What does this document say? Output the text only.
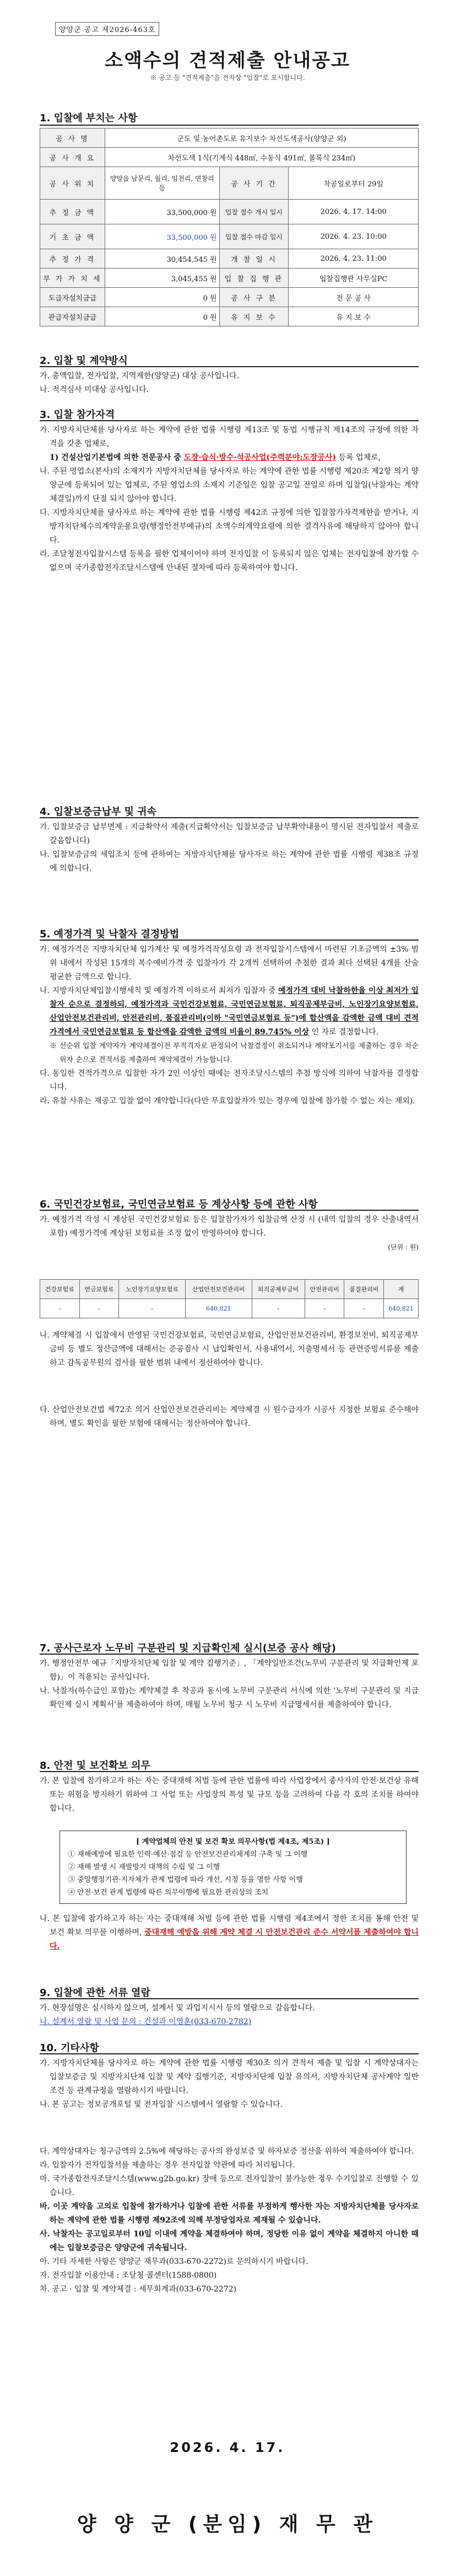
양양군 공고 제2026-463호
소액수의 견적제출 안내공고
※ 공고 등 "견적제출"을 전자상 "입찰"로 표시합니다.
1. 입찰에 부치는 사항
공 사 명	군도 및 농어촌도로 유지보수 차선도색공사(양양군 외)		
공 사 개 요	차선도색 1식(기계식 448㎡, 수동식 491㎡, 볼록식 234㎡)		
공 사 위 치	양양읍 남문리, 월리, 임천리, 연창리 등	공 사 기 간	착공일로부터 29일
추 정 금 액	33,500,000 원	입찰 접수 개시 일시	2026. 4. 17. 14:00
기 초 금 액	33,500,000 원	입찰 접수 마감 일시	2026. 4. 23. 10:00
추 정 가 격	30,454,545 원	개 찰 일 시	2026. 4. 23. 11:00
부 가 가 치 세	3,045,455 원	입 찰 집 행 관	입찰집행관 사무실PC
도급자설치금급	0 원	공 사 구 분	전 문 공 사
관급자설치금급	0 원	유 지 보 수	유 지 보 수
2. 입찰 및 계약방식

가. 총액입찰, 전자입찰, 지역제한(양양군) 대상 공사입니다.

나. 적격심사 미대상 공사입니다.

3. 입찰 참가자격

가. 지방자치단체를 당사자로 하는 계약에 관한 법률 시행령 제13조 및 동법 시행규칙 제14조의 규정에 의한 자격을 갖춘 업체로,

1) 건설산업기본법에 의한 전문공사 중 도장·습식·방수·석공사업(주력분야:도장공사) 등록 업체로,

나. 주된 영업소(본사)의 소재지가 지방자치단체를 당사자로 하는 계약에 관한 법률 시행령 제20조 제2항 의거 양양군에 등록되어 있는 업체로, 주된 영업소의 소재지 기준일은 입찰 공고일 전일로 하며 입찰일(낙찰자는 계약체결일)까지 단절 되지 않아야 합니다.

다. 지방자치단체를 당사자로 하는 계약에 관한 법률 시행령 제42조 규정에 의한 입찰참가자격제한을 받거나, 지방자치단체수의계약운용요령(행정안전부예규)의 소액수의계약요령에 의한 결격사유에 해당하지 않아야 합니다.

라. 조달청전자입찰시스템 등록을 필한 업체이어야 하며 전자입찰 이 등록되지 않은 업체는 전자입찰에 참가할 수 없으며 국가종합전자조달시스템에 안내된 절차에 따라 등록하여야 합니다.

4. 입찰보증금납부 및 귀속

가. 입찰보증금 납부면제 : 지급확약서 제출(지급확약서는 입찰보증금 납부확약내용이 명시된 전자입찰서 제출로 갈음합니다)

나. 입찰보증금의 세입조치 등에 관하여는 지방자치단체를 당사자로 하는 계약에 관한 법률 시행령 제38조 규정에 의합니다.

5. 예정가격 및 낙찰자 결정방법

가. 예정가격은 지방자치단체 입가계산 및 예정가격작성요령 과 전자입찰시스템에서 마련된 기초금액의 ±3% 범위 내에서 작성된 15개의 복수예비가격 중 입찰자가 각 2개씩 선택하여 추첨한 결과 최다 선택된 4개를 산술평균한 금액으로 합니다.

나. 지방자치단체입찰시행세칙 및 예정가격 이하로서 최저가 입찰자 중 예정가격 대비 낙찰하한율 이상 최저가 입찰자 순으로 결정하되, 예정가격과 국민건강보험료, 국민연금보험료, 퇴직공제부금비, 노인장기요양보험료, 산업안전보건관리비, 안전관리비, 품질관리비(이하 "국민연금보험료 등")에 합산액을 감액한 금액 대비 견적가격에서 국민연금보험료 등 합산액을 감액한 금액의 비율이 89.745% 이상 인 자로 결정합니다.

※ 선순위 입찰 계약자가 계약체결이전 부적격자로 판정되어 낙찰결정이 취소되거나 계약포기서를 제출하는 경우 차순위자 순으로 견적서를 제출하여 계약체결이 가능합니다.

다. 동일한 견적가격으로 입찰한 자가 2인 이상인 때에는 전자조달시스템의 추첨 방식에 의하여 낙찰자를 결정합니다.

라. 유찰 사유는 재공고 입찰 없이 계약합니다(다만 무효입찰자가 있는 경우에 입찰에 참가할 수 없는 자는 제외).

6. 국민건강보험료, 국민연금보험료 등 계상사항 등에 관한 사항

가. 예정가격 작성 시 계상된 국민건강보험료 등은 입찰참가자가 입찰금액 산정 시 (내역 입찰의 경우 산출내역서 포함) 예정가격에 계상된 보험료를 조정 없이 반영하여야 합니다.

(단위 : 원)

건강보험료	연금보험료	노인장기요양보험료	산업안전보건관리비	퇴직공제부금비	안전관리비	품질관리비	계
-	-	-	640,821	-	-	-	640,821

나. 계약체결 시 입찰에서 반영된 국민건강보험료, 국민연금보험료, 산업안전보건관리비, 환경보전비, 퇴직공제부금비 등 별도 정산금액에 대해서는 준공검사 시 납입확인서, 사용내역서, 지출명세서 등 관련증빙서류를 제출하고 감독공무원의 검사를 필한 범위 내에서 정산하여야 합니다.

다. 산업안전보건법 제72조 의거 산업안전보건관리비는 계약체결 시 원수급자가 시공사 지정한 보험료 준수해야 하며, 별도 확인을 필한 보험에 대해서는 정산하여야 합니다.

7. 공사근로자 노무비 구분관리 및 지급확인제 실시(보증 공사 해당)

가. 행정안전부 예규「지방자치단체 입찰 및 계약 집행기준」, 「계약일반조건(노무비 구분관리 및 지급확인제 포함)」이 적용되는 공사입니다.

나. 낙찰자(하수급인 포함)는 계약체결 후 착공과 동시에 노무비 구분관리 서식에 의한 '노무비 구분관리 및 지급확인제 실시 계획서'를 제출하여야 하며, 매월 노무비 청구 시 노무비 지급명세서를 제출하여야 합니다.

8. 안전 및 보건확보 의무

가. 본 입찰에 참가하고자 하는 자는 중대재해 처벌 등에 관한 법률에 따라 사업장에서 종사자의 안전·보건상 유해 또는 위험을 방지하기 위하여 그 사업 또는 사업장의 특성 및 규모 등을 고려하여 다음 각 호의 조치를 하여야 합니다.

[ 계약업체의 안전 및 보건 확보 의무사항(법 제4조, 제5조) ]
① 재해예방에 필요한 인력·예산·점검 등 안전보건관리체계의 구축 및 그 이행
② 재해 발생 시 재발방지 대책의 수립 및 그 이행
③ 중앙행정기관·지자체가 관계 법령에 따라 개선, 시정 등을 명한 사항 이행
④ 안전·보건 관계 법령에 따른 의무이행에 필요한 관리상의 조치

나. 본 입찰에 참가하고자 하는 자는 중대재해 처벌 등에 관한 법률 시행령 제4조에서 정한 조치를 통해 안전 및 보건 확보 의무를 이행하며, 중대재해 예방을 위해 계약 체결 시 안전보건관리 준수 서약서를 제출하여야 합니다.

9. 입찰에 관한 서류 열람

가. 현장설명은 실시하지 않으며, 설계서 및 과업지시서 등의 열람으로 갈음합니다.

나. 설계서 열람 및 사업 문의 : 건설과 이영훈(033-670-2782)

10. 기타사항

가. 지방자치단체를 당사자로 하는 계약에 관한 법률 시행령 제30조 의거 견적서 제출 및 입찰 시 계약상대자는 입찰보증금 및 지방자치단체 입찰 및 계약 집행기준, 지방자치단체 입찰 유의서, 지방자치단체 공사계약 일반조건 등 관계규정을 열람하시기 바랍니다.

나. 본 공고는 정보공개포털 및 전자입찰 시스템에서 열람할 수 있습니다.

다. 계약상대자는 청구금액의 2.5%에 해당하는 공사의 완성보증 및 하자보증 정산을 위하여 제출하여야 합니다.

라. 입찰자가 전자입찰서를 제출하는 경우 전자입찰 약관에 따라 처리됩니다.

마. 국가종합전자조달시스템(www.g2b.go.kr) 장애 등으로 전자입찰이 불가능한 경우 수기입찰로 진행할 수 있습니다.

바. 이곳 계약을 고의로 입찰에 참가하거나 입찰에 관한 서류를 부정하게 행사한 자는 지방자치단체를 당사자로 하는 계약에 관한 법률 시행령 제92조에 의해 부정당업자로 제재될 수 있습니다.

사. 낙찰자는 공고일로부터 10일 이내에 계약을 체결하여야 하며, 정당한 이유 없이 계약을 체결하지 아니한 때에는 입찰보증금은 양양군에 귀속됩니다.

아. 기타 자세한 사항은 양양군 재무과(033-670-2272)로 문의하시기 바랍니다.

자. 전자입찰 이용안내 : 조달청 콜센터(1588-0800)

차. 공고 · 입찰 및 계약체결 : 세무회계과(033-670-2272)

2026. 4. 17.
양 양 군 (분임) 재 무 관
